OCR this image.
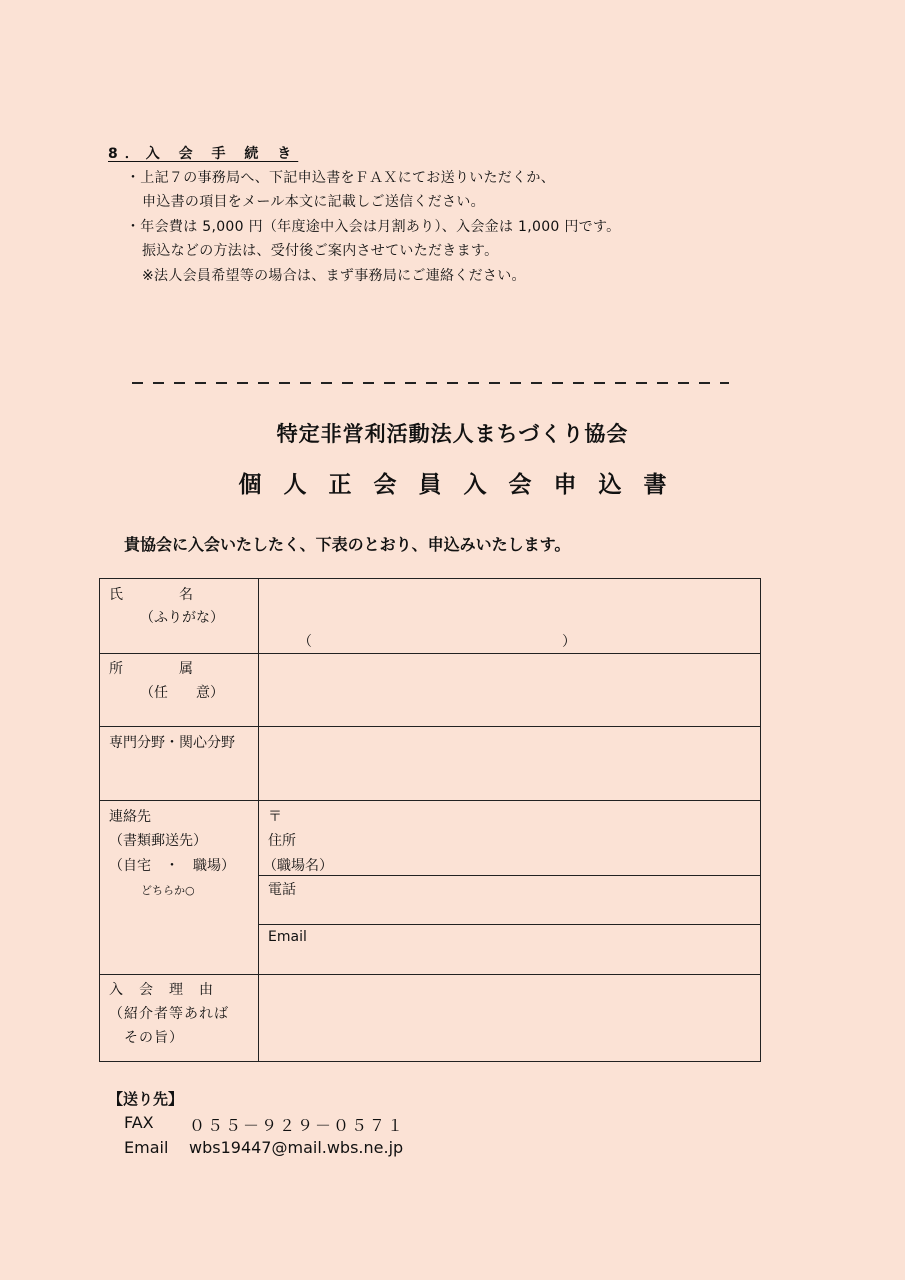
8．入 会 手 続 き
・上記７の事務局へ、下記申込書をＦＡＸにてお送りいただくか、
申込書の項目をメール本文に記載しご送信ください。
・年会費は 5,000 円（年度途中入会は月割あり）、入会金は 1,000 円です。
振込などの方法は、受付後ご案内させていただきます。
※法人会員希望等の場合は、まず事務局にご連絡ください。
特定非営利活動法人まちづくり協会
個人正会員入会申込書
貴協会に入会いたしたく、下表のとおり、申込みいたします。
氏　　　　名
（ふりがな）
（	）
所　　　　属
（任　　意）
専門分野・関心分野
連絡先
（書類郵送先）
（自宅　・　職場）
どちらか○
〒
住所
（職場名）
電話
Email
入　会　理　由
（紹介者等あれば
その旨）
【送り先】
FAX ０５５－９２９－０５７１
Email wbs19447@mail.wbs.ne.jp
